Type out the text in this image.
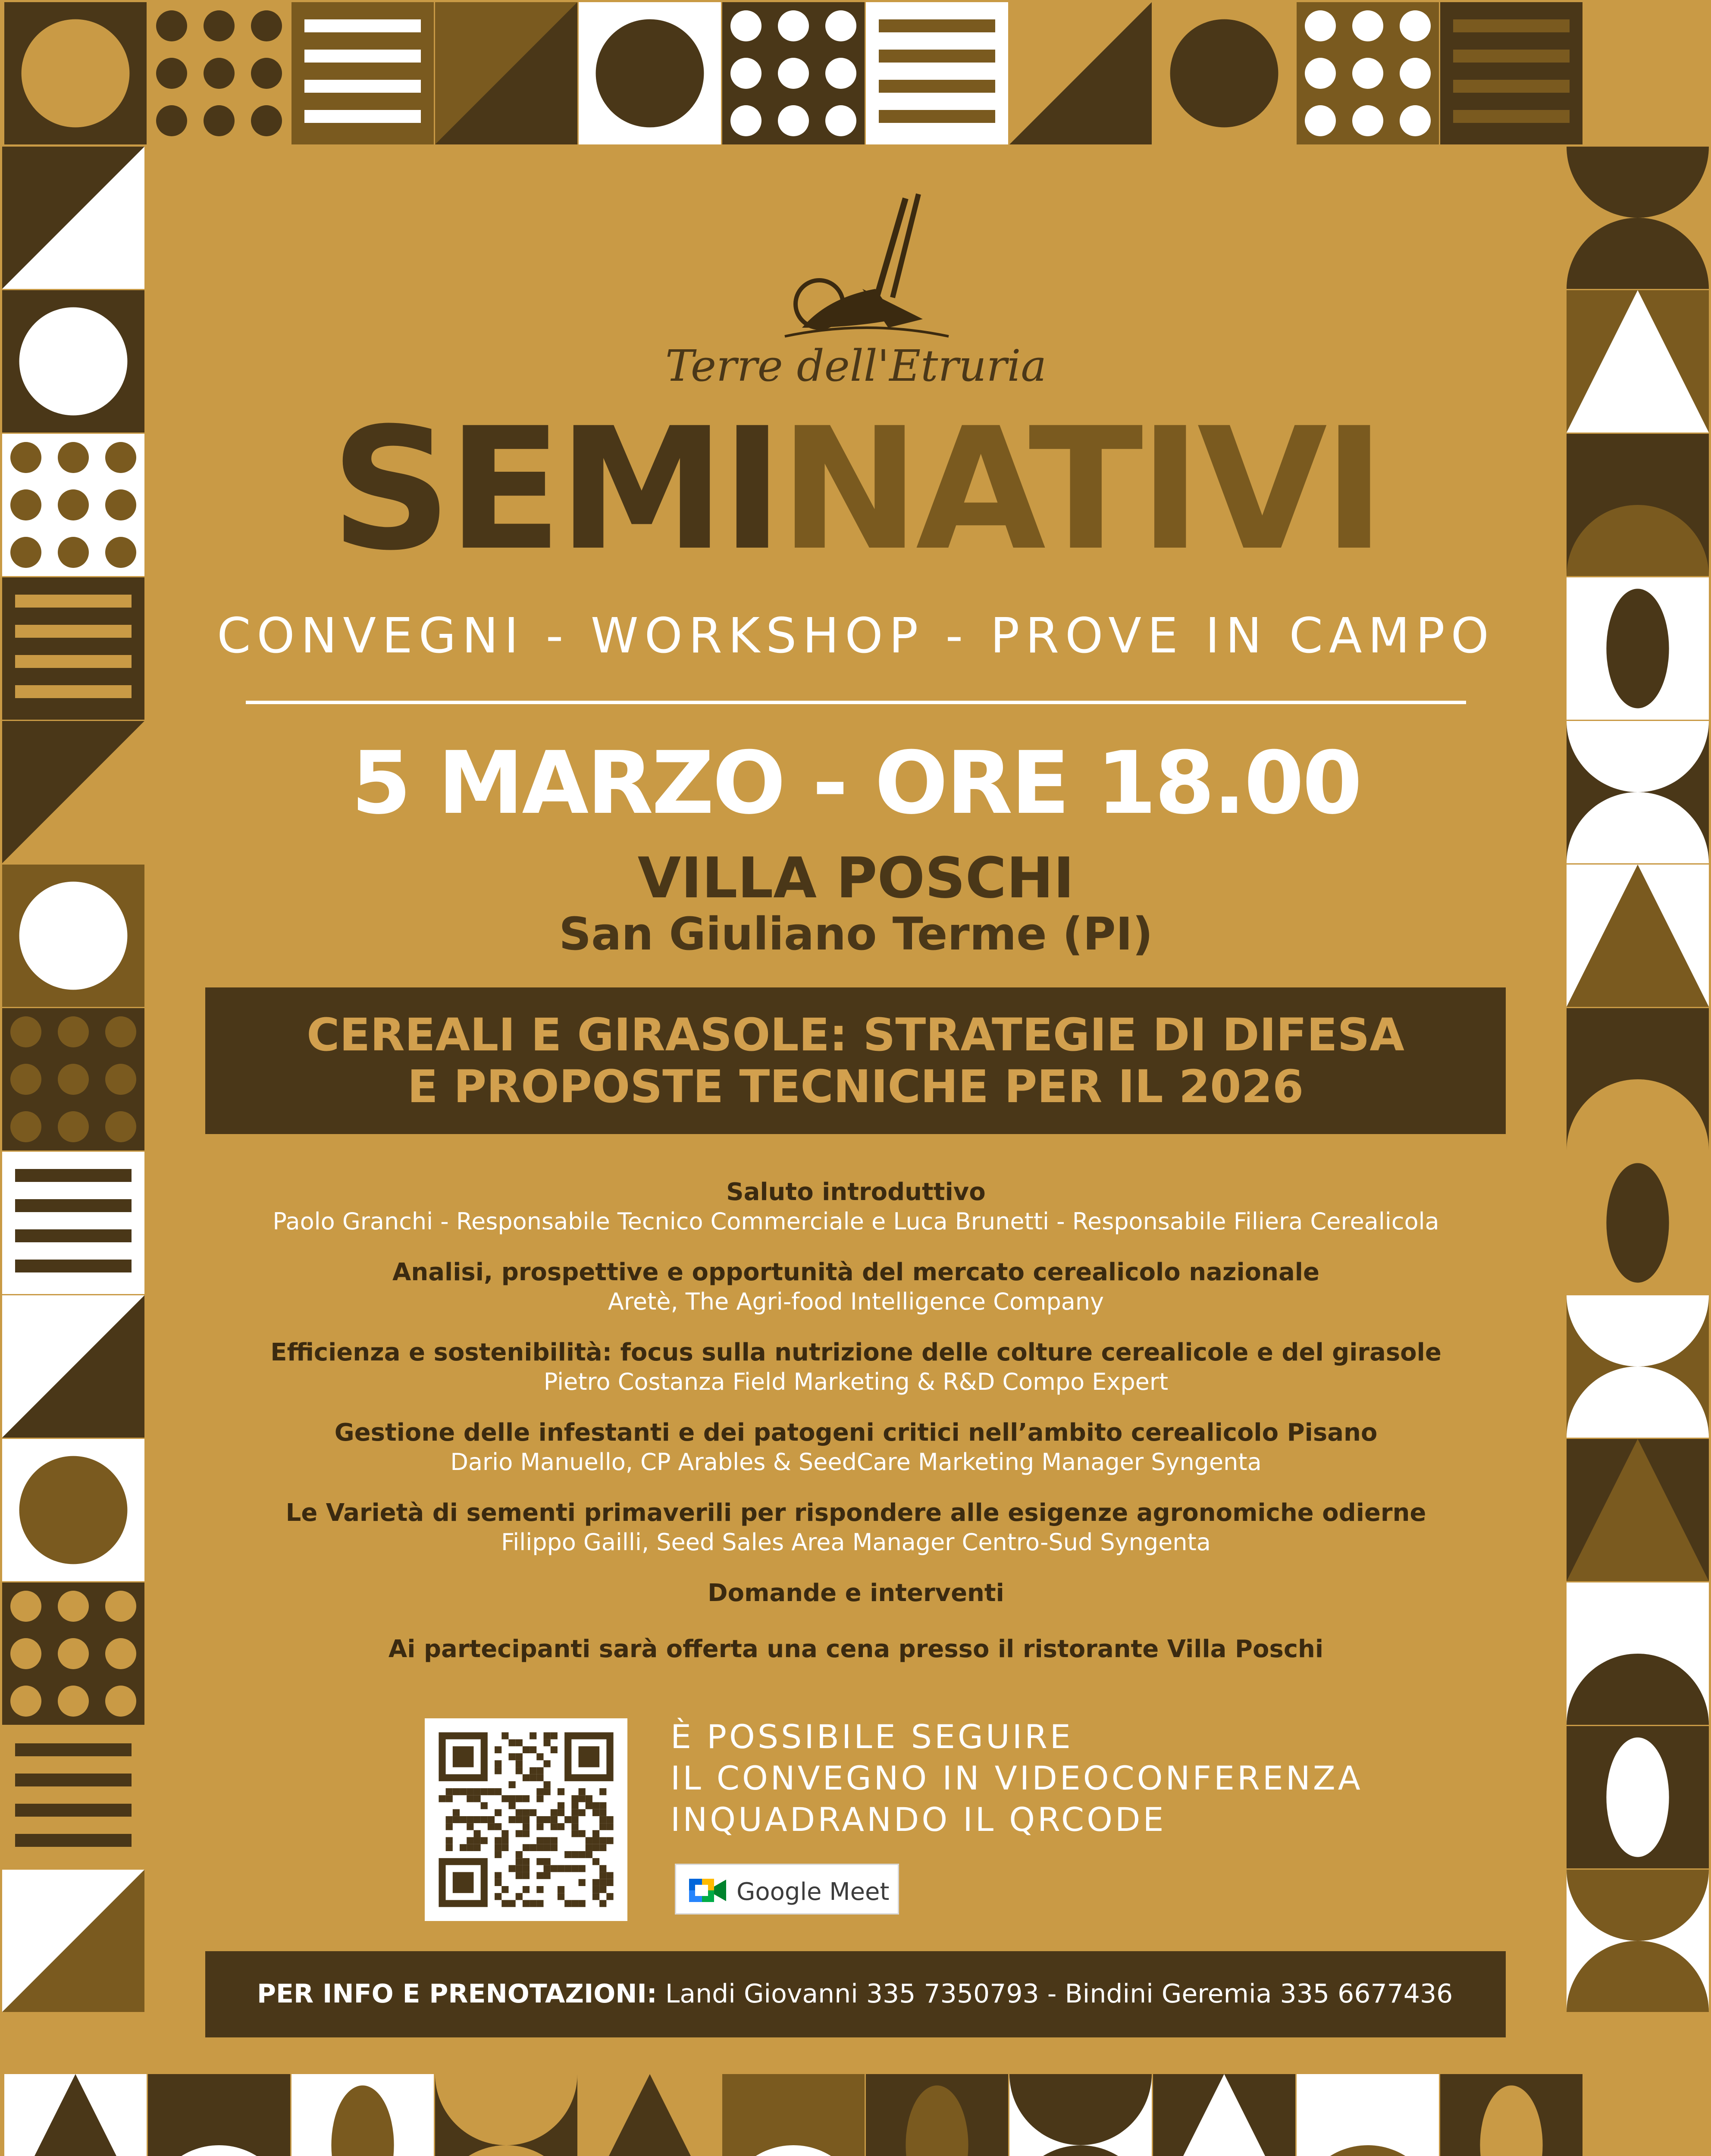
Terre dell'Etruria
SEMINATIVI
CONVEGNI - WORKSHOP - PROVE IN CAMPO
5 MARZO - ORE 18.00
VILLA POSCHI
San Giuliano Terme (PI)
CEREALI E GIRASOLE: STRATEGIE DI DIFESA
E PROPOSTE TECNICHE PER IL 2026

Saluto introduttivo

Paolo Granchi - Responsabile Tecnico Commerciale e Luca Brunetti - Responsabile Filiera Cerealicola

Analisi, prospettive e opportunità del mercato cerealicolo nazionale

Aretè, The Agri-food Intelligence Company

Efficienza e sostenibilità: focus sulla nutrizione delle colture cerealicole e del girasole

Pietro Costanza Field Marketing & R&D Compo Expert

Gestione delle infestanti e dei patogeni critici nell’ambito cerealicolo Pisano

Dario Manuello, CP Arables & SeedCare Marketing Manager Syngenta

Le Varietà di sementi primaverili per rispondere alle esigenze agronomiche odierne

Filippo Gailli, Seed Sales Area Manager Centro-Sud Syngenta

Domande e interventi

Ai partecipanti sarà offerta una cena presso il ristorante Villa Poschi

È POSSIBILE SEGUIRE
IL CONVEGNO IN VIDEOCONFERENZA
INQUADRANDO IL QRCODE
Google Meet
PER INFO E PRENOTAZIONI: Landi Giovanni 335 7350793 - Bindini Geremia 335 6677436
